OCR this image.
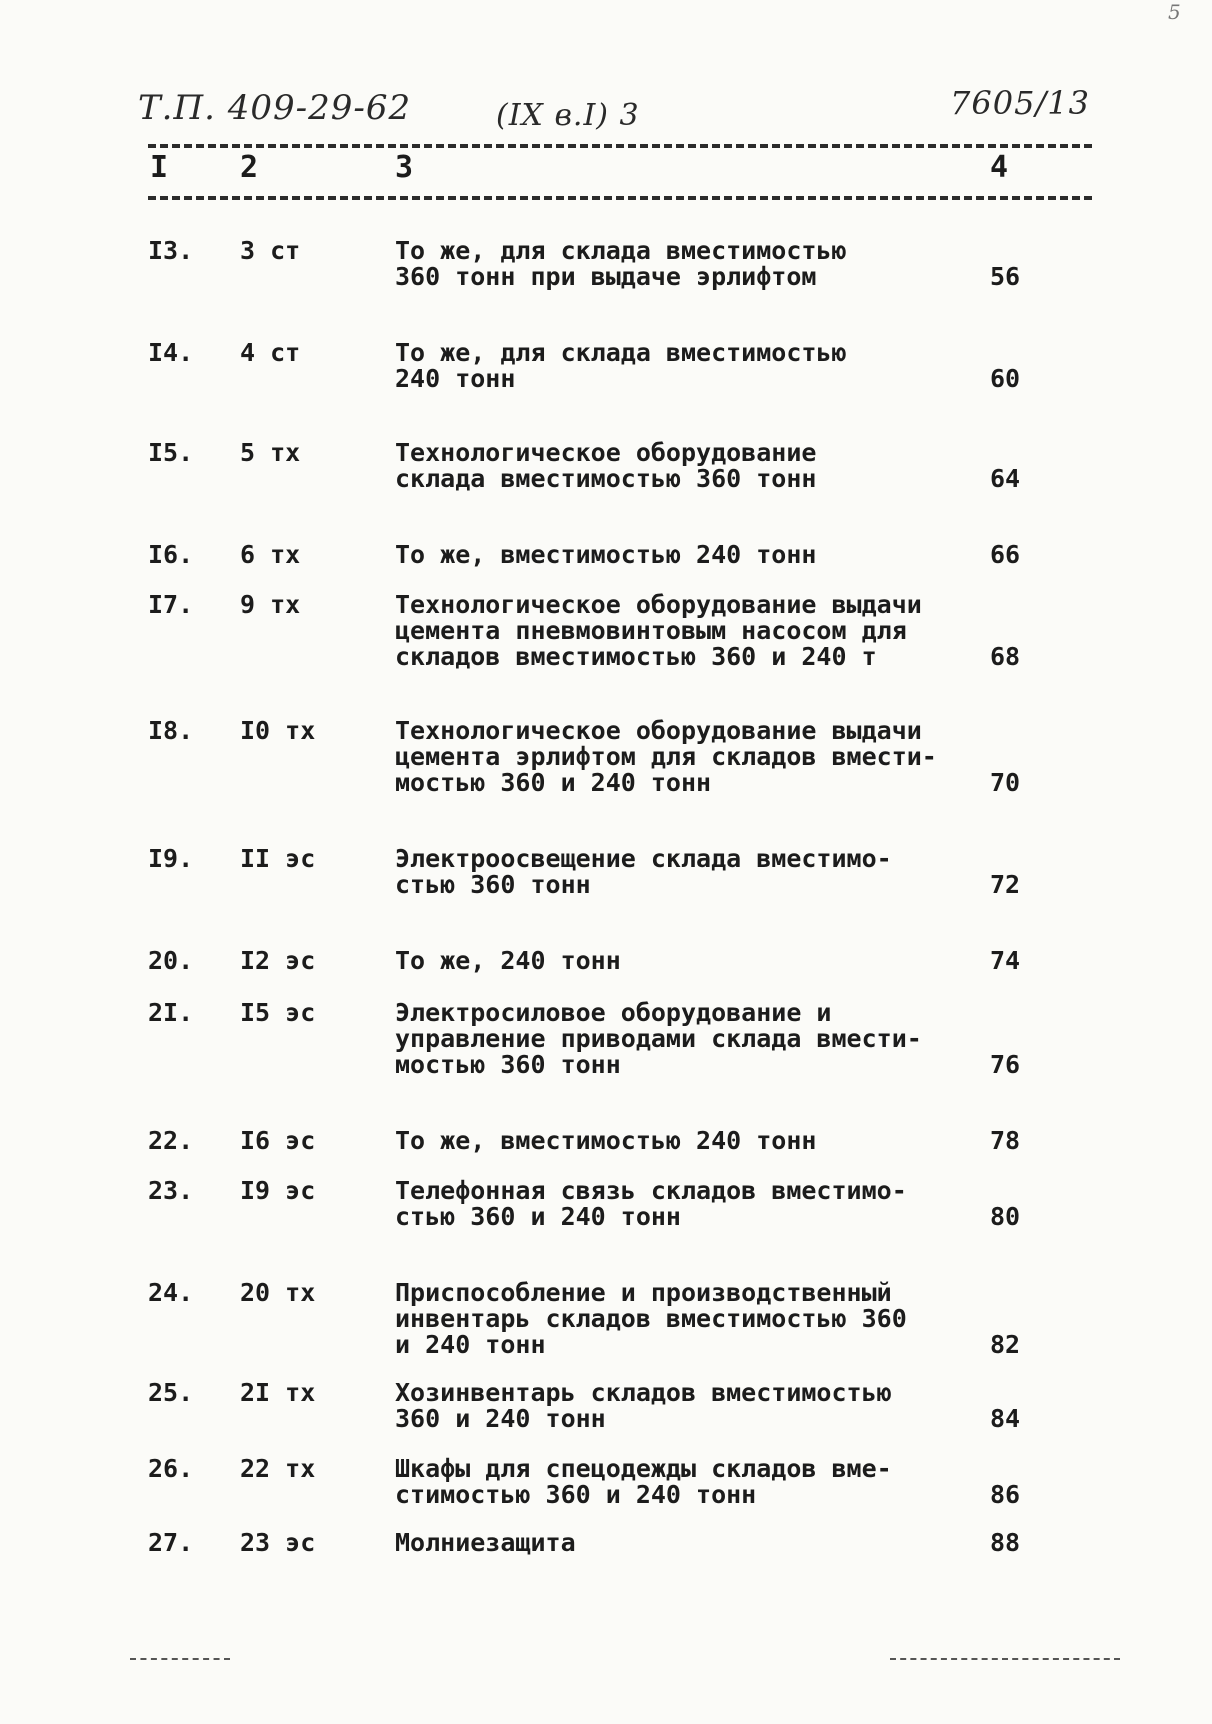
Т.П. 409-29-62	(IX в.I) 3	7605/13
5
I 2	3	4
I3.	3 ст	То же, для склада вместимостью
360 тонн при выдаче эрлифтом	56
I4.	4 ст	То же, для склада вместимостью
240 тонн	60
I5.	5 тх	Технологическое оборудование
склада вместимостью 360 тонн	64
I6.	6 тх	То же, вместимостью 240 тонн	66
I7.	9 тх	Технологическое оборудование выдачи
цемента пневмовинтовым насосом для
складов вместимостью 360 и 240 т	68
I8.	I0 тх	Технологическое оборудование выдачи
цемента эрлифтом для складов вмести-
мостью 360 и 240 тонн	70
I9.	II эс	Электроосвещение склада вместимо-
стью 360 тонн	72
20.	I2 эс	То же, 240 тонн	74
2I.	I5 эс	Электросиловое оборудование и
управление приводами склада вмести-
мостью 360 тонн	76
22.	I6 эс	То же, вместимостью 240 тонн	78
23.	I9 эс	Телефонная связь складов вместимо-
стью 360 и 240 тонн	80
24.	20 тх	Приспособление и производственный
инвентарь складов вместимостью 360
и 240 тонн	82
25.	2I тх	Хозинвентарь складов вместимостью
360 и 240 тонн	84
26.	22 тх	Шкафы для спецодежды складов вме-
стимостью 360 и 240 тонн	86
27.	23 эс	Молниезащита	88
